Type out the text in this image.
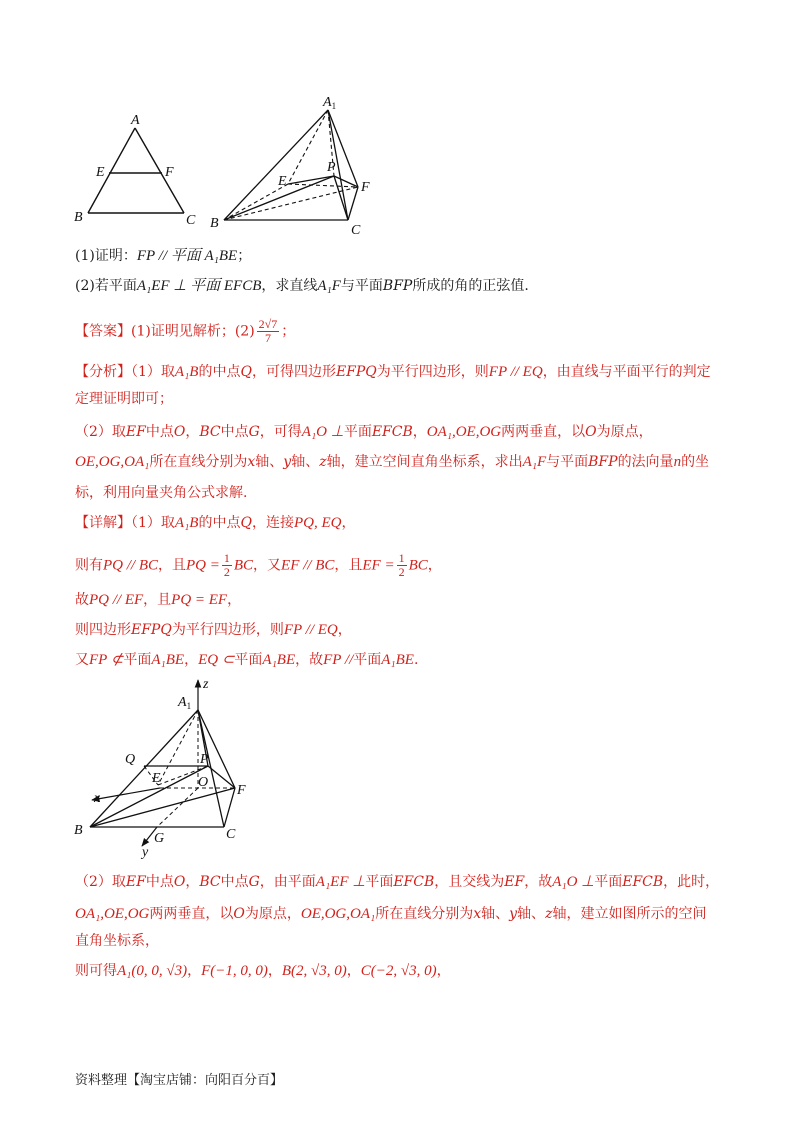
A
E	F
B	C
$A_1$
P
E	F
B	C
(1)证明：FP // 平面 A₁BE；
(2)若平面A₁EF ⊥ 平面 EFCB，求直线A₁F与平面BFP所成的角的正弦值.
【答案】(1)证明见解析；$(2) \frac{2√7}{7}$ ；
【分析】（1）取A₁B的中点Q，可得四边形EFPQ为平行四边形，则FP // EQ，由直线与平面平行的判定
定理证明即可；
（2）取EF中点O，BC中点G，可得A₁O ⊥平面EFCB，OA₁,OE,OG两两垂直，以O为原点，
OE,OG,OA₁所在直线分别为x轴、y轴、z轴，建立空间直角坐标系，求出A₁F与平面BFP的法向量n的坐
标，利用向量夹角公式求解.
【详解】（1）取A₁B的中点Q，连接PQ, EQ，
则有PQ // BC，且PQ = $\frac{1}{2}$ BC，又EF // BC，且EF = $\frac{1}{2}$ BC，
故PQ // EF，且PQ = EF，
则四边形EFPQ为平行四边形，则FP // EQ，
又FP ⊄平面A₁BE，EQ ⊂平面A₁BE，故FP //平面A₁BE.
z
$A_1$
Q	P
E	O
x
F
B
G	C
y
（2）取EF中点O，BC中点G，由平面A₁EF ⊥平面EFCB，且交线为EF，故A₁O ⊥平面EFCB，此时，
OA₁,OE,OG两两垂直，以O为原点，OE,OG,OA₁所在直线分别为x轴、y轴、z轴，建立如图所示的空间
直角坐标系，
则可得A₁(0, 0, √3)，F(−1, 0, 0)，B(2, √3, 0)，C(−2, √3, 0)，
资料整理【淘宝店铺：向阳百分百】
